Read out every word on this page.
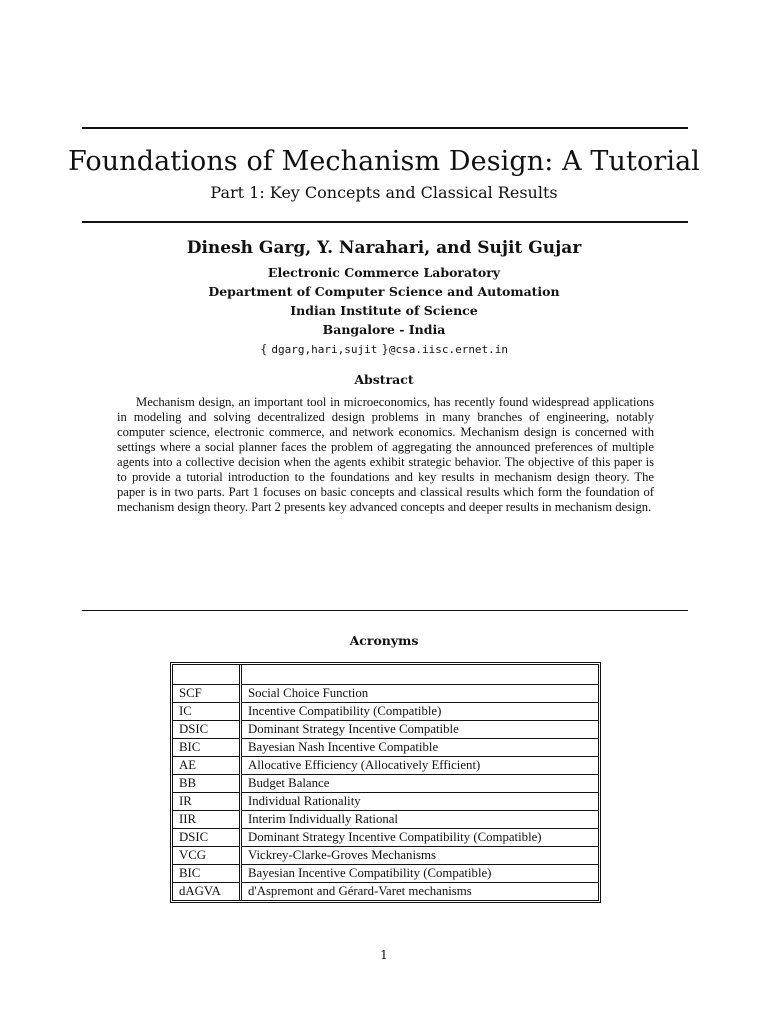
Foundations of Mechanism Design: A Tutorial
Part 1: Key Concepts and Classical Results
Dinesh Garg, Y. Narahari, and Sujit Gujar
Electronic Commerce Laboratory
Department of Computer Science and Automation
Indian Institute of Science
Bangalore - India
{ dgarg,hari,sujit }@csa.iisc.ernet.in
Abstract
Mechanism design, an important tool in microeconomics, has recently found widespread applications in modeling and solving decentralized design problems in many branches of engineering, notably computer science, electronic commerce, and network economics. Mechanism design is concerned with settings where a social planner faces the problem of aggregating the announced preferences of multiple agents into a collective decision when the agents exhibit strategic behavior. The objective of this paper is to provide a tutorial introduction to the foundations and key results in mechanism design theory. The paper is in two parts. Part 1 focuses on basic concepts and classical results which form the foundation of mechanism design theory. Part 2 presents key advanced concepts and deeper results in mechanism design.
Acronyms

SCF	Social Choice Function
IC	Incentive Compatibility (Compatible)
DSIC	Dominant Strategy Incentive Compatible
BIC	Bayesian Nash Incentive Compatible
AE	Allocative Efficiency (Allocatively Efficient)
BB	Budget Balance
IR	Individual Rationality
IIR	Interim Individually Rational
DSIC	Dominant Strategy Incentive Compatibility (Compatible)
VCG	Vickrey-Clarke-Groves Mechanisms
BIC	Bayesian Incentive Compatibility (Compatible)
dAGVA	d'Aspremont and Gérard-Varet mechanisms
1
